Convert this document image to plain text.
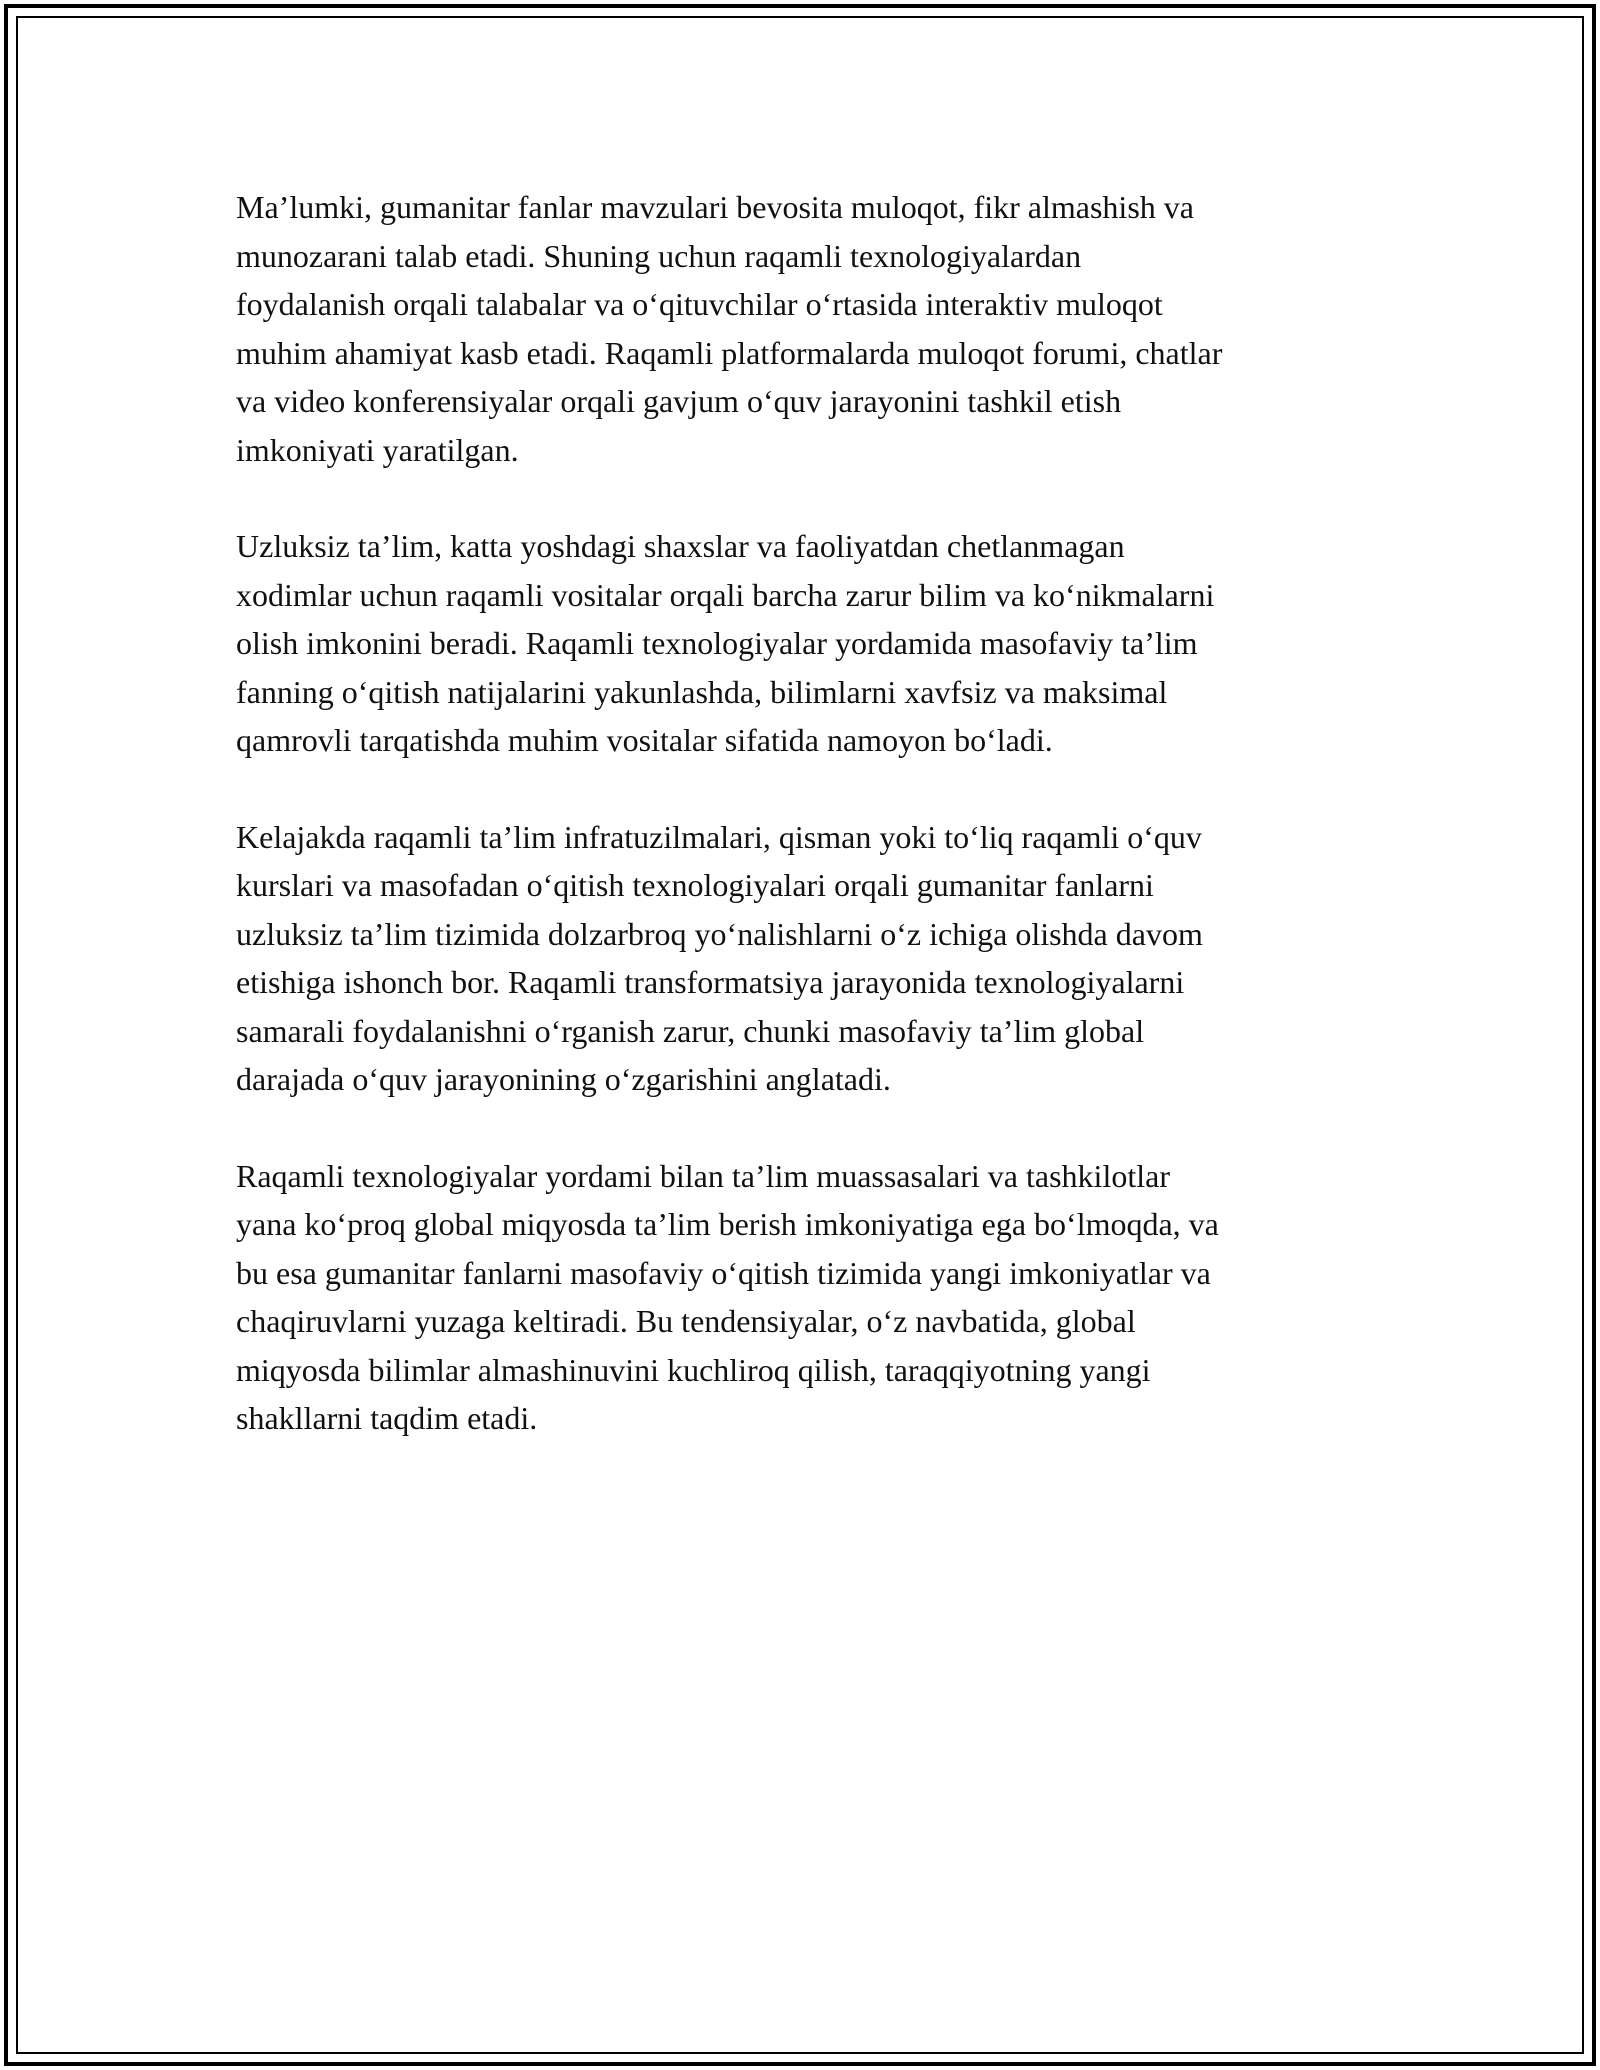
Ma’lumki, gumanitar fanlar mavzulari bevosita muloqot, fikr almashish va
munozarani talab etadi. Shuning uchun raqamli texnologiyalardan
foydalanish orqali talabalar va o‘qituvchilar o‘rtasida interaktiv muloqot
muhim ahamiyat kasb etadi. Raqamli platformalarda muloqot forumi, chatlar
va video konferensiyalar orqali gavjum o‘quv jarayonini tashkil etish
imkoniyati yaratilgan.

Uzluksiz ta’lim, katta yoshdagi shaxslar va faoliyatdan chetlanmagan
xodimlar uchun raqamli vositalar orqali barcha zarur bilim va ko‘nikmalarni
olish imkonini beradi. Raqamli texnologiyalar yordamida masofaviy ta’lim
fanning o‘qitish natijalarini yakunlashda, bilimlarni xavfsiz va maksimal
qamrovli tarqatishda muhim vositalar sifatida namoyon bo‘ladi.

Kelajakda raqamli ta’lim infratuzilmalari, qisman yoki to‘liq raqamli o‘quv
kurslari va masofadan o‘qitish texnologiyalari orqali gumanitar fanlarni
uzluksiz ta’lim tizimida dolzarbroq yo‘nalishlarni o‘z ichiga olishda davom
etishiga ishonch bor. Raqamli transformatsiya jarayonida texnologiyalarni
samarali foydalanishni o‘rganish zarur, chunki masofaviy ta’lim global
darajada o‘quv jarayonining o‘zgarishini anglatadi.

Raqamli texnologiyalar yordami bilan ta’lim muassasalari va tashkilotlar
yana ko‘proq global miqyosda ta’lim berish imkoniyatiga ega bo‘lmoqda, va
bu esa gumanitar fanlarni masofaviy o‘qitish tizimida yangi imkoniyatlar va
chaqiruvlarni yuzaga keltiradi. Bu tendensiyalar, o‘z navbatida, global
miqyosda bilimlar almashinuvini kuchliroq qilish, taraqqiyotning yangi
shakllarni taqdim etadi.
